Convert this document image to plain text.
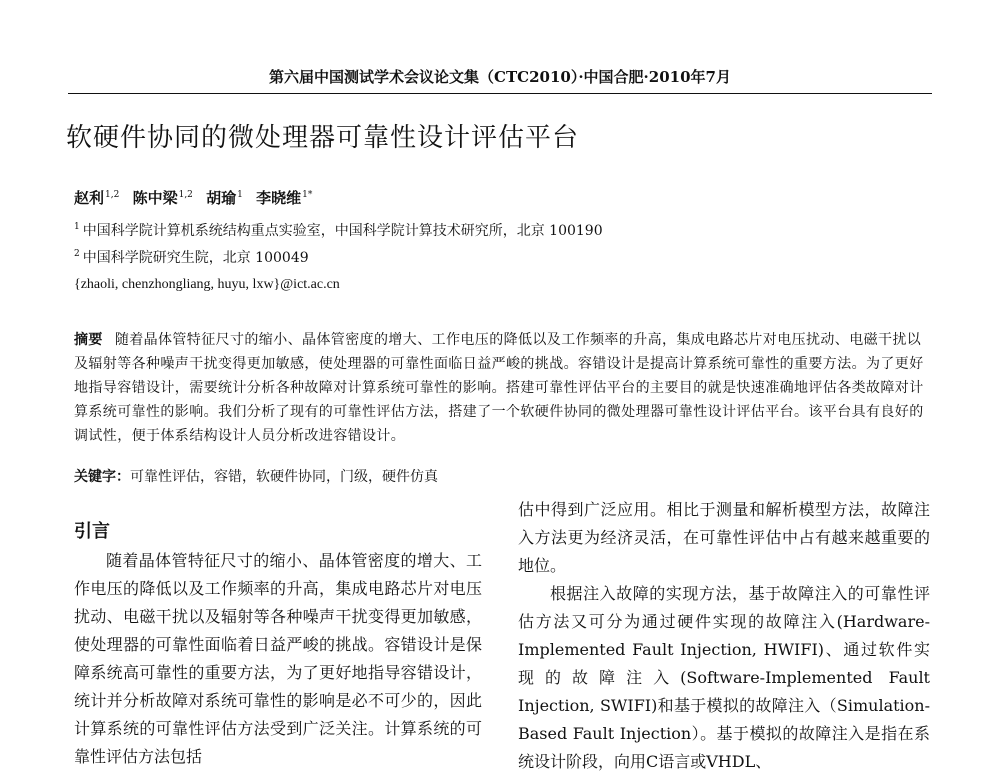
第六届中国测试学术会议论文集（CTC2010）·中国合肥·2010年7月
软硬件协同的微处理器可靠性设计评估平台
赵利$^{1,2}$ 陈中梁$^{1,2}$ 胡瑜$^1$ 李晓维$^{1*}$
$^1$ 中国科学院计算机系统结构重点实验室，中国科学院计算技术研究所，北京 100190
$^2$ 中国科学院研究生院，北京 100049
{zhaoli, chenzhongliang, huyu, lxw}@ict.ac.cn
摘要 随着晶体管特征尺寸的缩小、晶体管密度的增大、工作电压的降低以及工作频率的升高，集成电路芯片对电压扰动、电磁干扰以及辐射等各种噪声干扰变得更加敏感，使处理器的可靠性面临日益严峻的挑战。容错设计是提高计算系统可靠性的重要方法。为了更好地指导容错设计，需要统计分析各种故障对计算系统可靠性的影响。搭建可靠性评估平台的主要目的就是快速准确地评估各类故障对计算系统可靠性的影响。我们分析了现有的可靠性评估方法，搭建了一个软硬件协同的微处理器可靠性设计评估平台。该平台具有良好的调试性，便于体系结构设计人员分析改进容错设计。
关键字：可靠性评估，容错，软硬件协同，门级，硬件仿真
引言

随着晶体管特征尺寸的缩小、晶体管密度的增大、工作电压的降低以及工作频率的升高，集成电路芯片对电压扰动、电磁干扰以及辐射等各种噪声干扰变得更加敏感，使处理器的可靠性面临着日益严峻的挑战。容错设计是保障系统高可靠性的重要方法，为了更好地指导容错设计，统计并分析故障对系统可靠性的影响是必不可少的，因此计算系统的可靠性评估方法受到广泛关注。计算系统的可靠性评估方法包括

估中得到广泛应用。相比于测量和解析模型方法，故障注入方法更为经济灵活，在可靠性评估中占有越来越重要的地位。

根据注入故障的实现方法，基于故障注入的可靠性评估方法又可分为通过硬件实现的故障注入(Hardware-Implemented Fault Injection, HWIFI)、通过软件实现的故障注入(Software-Implemented Fault Injection, SWIFI)和基于模拟的故障注入（Simulation-Based Fault Injection）。基于模拟的故障注入是指在系统设计阶段，向用C语言或VHDL、
